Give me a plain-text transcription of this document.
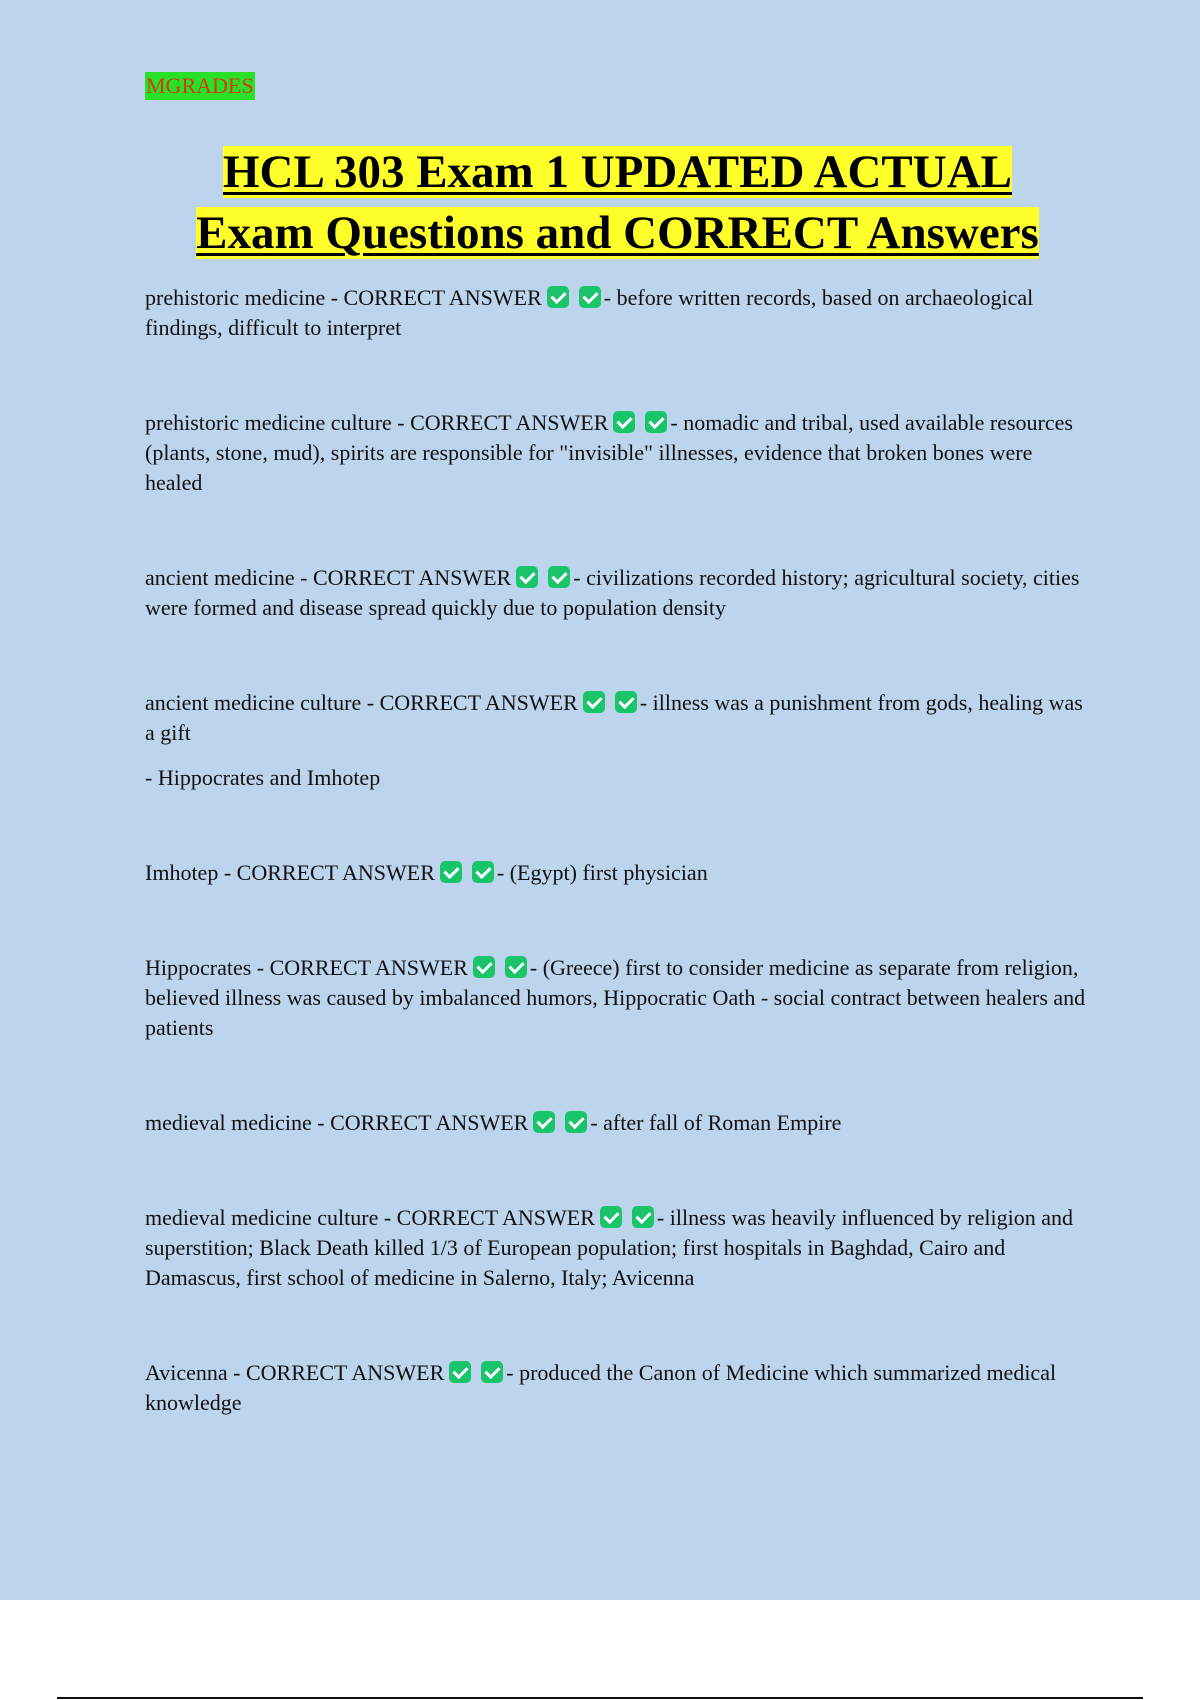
MGRADES
HCL 303 Exam 1 UPDATED ACTUAL
Exam Questions and CORRECT Answers

prehistoric medicine - CORRECT ANSWER	- before written records, based on archaeological findings, difficult to interpret

prehistoric medicine culture - CORRECT ANSWER	- nomadic and tribal, used available resources (plants, stone, mud), spirits are responsible for "invisible" illnesses, evidence that broken bones were healed

ancient medicine - CORRECT ANSWER	- civilizations recorded history; agricultural society, cities were formed and disease spread quickly due to population density

ancient medicine culture - CORRECT ANSWER	- illness was a punishment from gods, healing was a gift

- Hippocrates and Imhotep

Imhotep - CORRECT ANSWER	- (Egypt) first physician

Hippocrates - CORRECT ANSWER	- (Greece) first to consider medicine as separate from religion, believed illness was caused by imbalanced humors, Hippocratic Oath - social contract between healers and patients

medieval medicine - CORRECT ANSWER	- after fall of Roman Empire

medieval medicine culture - CORRECT ANSWER	- illness was heavily influenced by religion and superstition; Black Death killed 1/3 of European population; first hospitals in Baghdad, Cairo and Damascus, first school of medicine in Salerno, Italy; Avicenna

Avicenna - CORRECT ANSWER	- produced the Canon of Medicine which summarized medical knowledge
